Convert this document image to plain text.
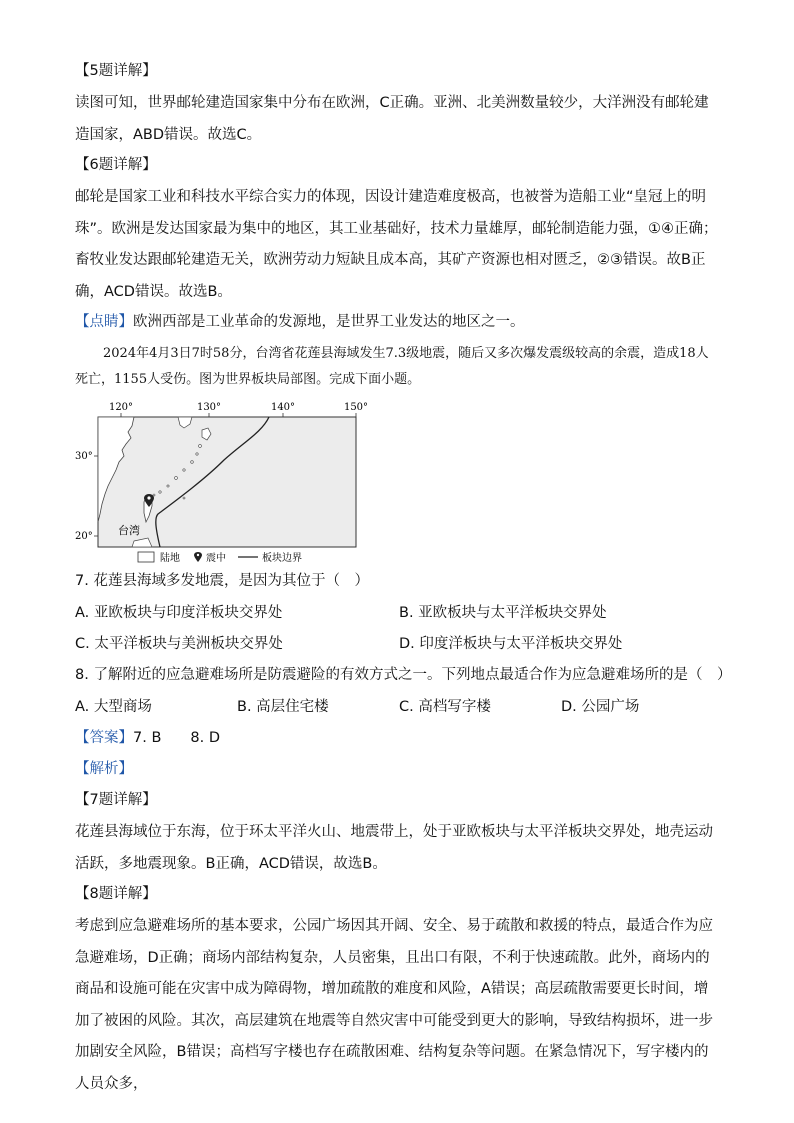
【5题详解】
读图可知，世界邮轮建造国家集中分布在欧洲，C正确。亚洲、北美洲数量较少，大洋洲没有邮轮建造国家，ABD错误。故选C。
【6题详解】
邮轮是国家工业和科技水平综合实力的体现，因设计建造难度极高，也被誉为造船工业“皇冠上的明珠”。欧洲是发达国家最为集中的地区，其工业基础好，技术力量雄厚，邮轮制造能力强，①④正确；畜牧业发达跟邮轮建造无关，欧洲劳动力短缺且成本高，其矿产资源也相对匮乏，②③错误。故B正确，ACD错误。故选B。
【点睛】欧洲西部是工业革命的发源地，是世界工业发达的地区之一。
2024年4月3日7时58分，台湾省花莲县海域发生7.3级地震，随后又多次爆发震级较高的余震，造成18人死亡，1155人受伤。图为世界板块局部图。完成下面小题。
120°	130°	140°	150°
30°
20° 台湾
陆地	震中	板块边界
7. 花莲县海域多发地震，是因为其位于（　）
A. 亚欧板块与印度洋板块交界处	B. 亚欧板块与太平洋板块交界处
C. 太平洋板块与美洲板块交界处	D. 印度洋板块与太平洋板块交界处
8. 了解附近的应急避难场所是防震避险的有效方式之一。下列地点最适合作为应急避难场所的是（　）
A. 大型商场	B. 高层住宅楼	C. 高档写字楼	D. 公园广场
【答案】7. B　　8. D
【解析】
【7题详解】
花莲县海域位于东海，位于环太平洋火山、地震带上，处于亚欧板块与太平洋板块交界处，地壳运动活跃，多地震现象。B正确，ACD错误，故选B。
【8题详解】
考虑到应急避难场所的基本要求，公园广场因其开阔、安全、易于疏散和救援的特点，最适合作为应急避难场，D正确；商场内部结构复杂，人员密集，且出口有限，不利于快速疏散。此外，商场内的商品和设施可能在灾害中成为障碍物，增加疏散的难度和风险，A错误；高层疏散需要更长时间，增加了被困的风险。其次，高层建筑在地震等自然灾害中可能受到更大的影响，导致结构损坏，进一步加剧安全风险，B错误；高档写字楼也存在疏散困难、结构复杂等问题。在紧急情况下，写字楼内的人员众多，
